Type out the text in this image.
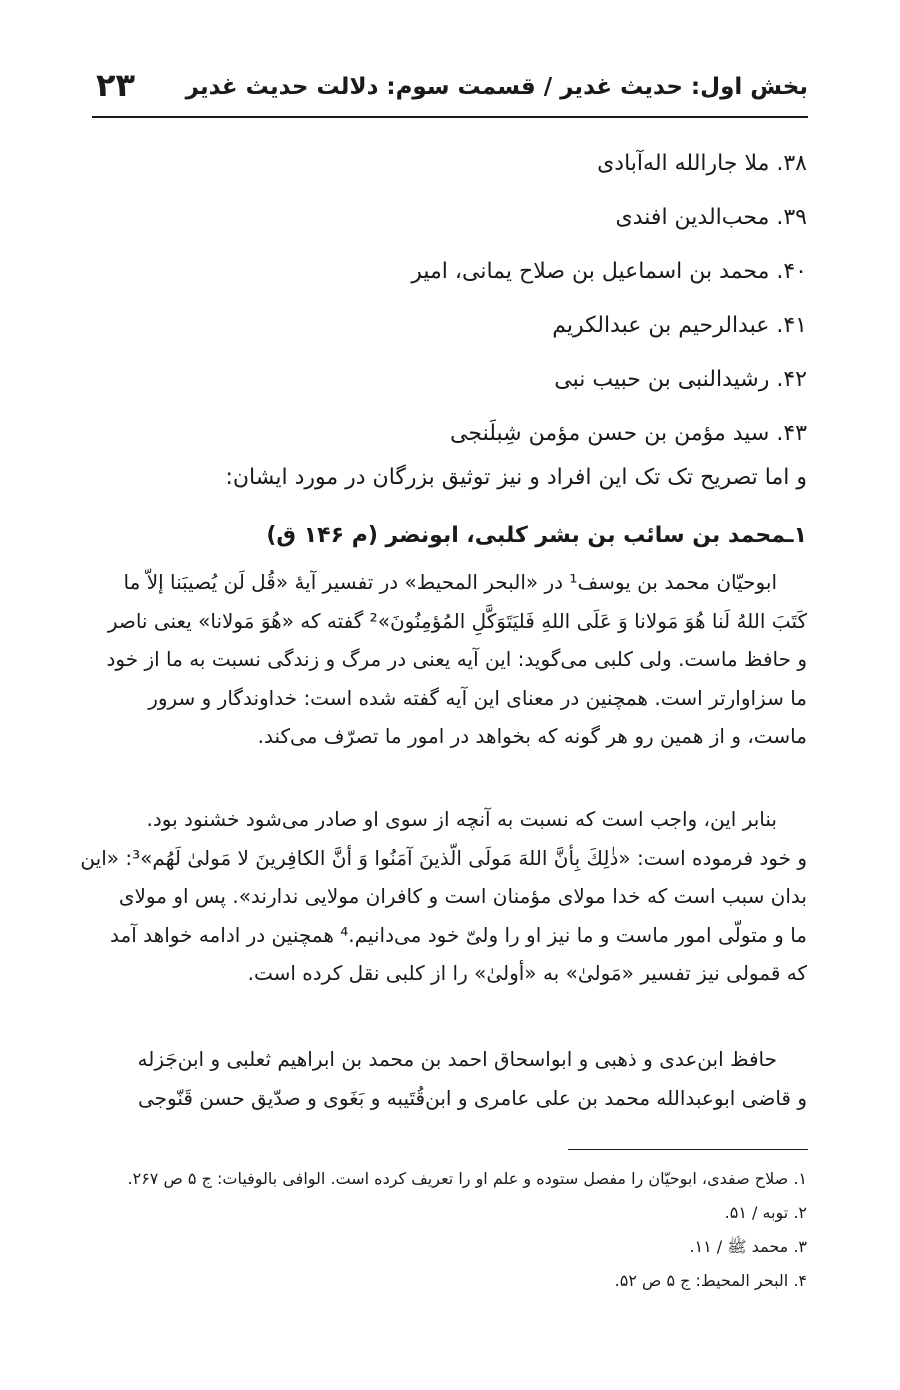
بخش اول: حدیث غدیر / قسمت سوم: دلالت حدیث غدیر
۲۳
۳۸. ملا جارالله اله‌آبادی
۳۹. محب‌الدین افندی
۴۰. محمد بن اسماعیل بن صلاح یمانی، امیر
۴۱. عبدالرحیم بن عبدالکریم
۴۲. رشیدالنبی بن حبیب نبی
۴۳. سید مؤمن بن حسن مؤمن شِبلَنجی
و اما تصریح تک تک این افراد و نیز توثیق بزرگان در مورد ایشان:
۱ـمحمد بن سائب بن بشر کلبی، ابونضر (م ۱۴۶ ق)
ابوحیّان محمد بن یوسف¹ در «البحر المحیط» در تفسیر آیهٔ «قُل لَن یُصیبَنا إلاّ ما
کَتَبَ اللهُ لَنا هُوَ مَولانا وَ عَلَی اللهِ فَلیَتَوَکَّلِ المُؤمِنُونَ»² گفته که «هُوَ مَولانا» یعنی ناصر
و حافظ ماست. ولی کلبی می‌گوید: این آیه یعنی در مرگ و زندگی نسبت به ما از خود
ما سزاوارتر است. همچنین در معنای این آیه گفته شده است: خداوندگار و سرور
ماست، و از همین رو هر گونه که بخواهد در امور ما تصرّف می‌کند.
بنابر این، واجب است که نسبت به آنچه از سوی او صادر می‌شود خشنود بود.
و خود فرموده است: «ذٰلِكَ بِأنَّ اللهَ مَولَی الّذینَ آمَنُوا وَ أنَّ الکافِرینَ لا مَولیٰ لَهُم»³: «این
بدان سبب است که خدا مولای مؤمنان است و کافران مولایی ندارند». پس او مولای
ما و متولّی امور ماست و ما نیز او را ولیّ خود می‌دانیم.⁴ همچنین در ادامه خواهد آمد
که قمولی نیز تفسیر «مَولیٰ» به «أولیٰ» را از کلبی نقل کرده است.
حافظ ابن‌عدی و ذهبی و ابواسحاق احمد بن محمد بن ابراهیم ثعلبی و ابن‌جَزله
و قاضی ابوعبدالله محمد بن علی عامری و ابن‌قُتَیبه و بَغَوی و صدّیق حسن قَنّوجی
۱. صلاح صفدی، ابوحیّان را مفصل ستوده و علم او را تعریف کرده است. الوافی بالوفیات: ج ۵ ص ۲۶۷.
۲. توبه / ۵۱.
۳. محمد ﷺ / ۱۱.
۴. البحر المحیط: ج ۵ ص ۵۲.
